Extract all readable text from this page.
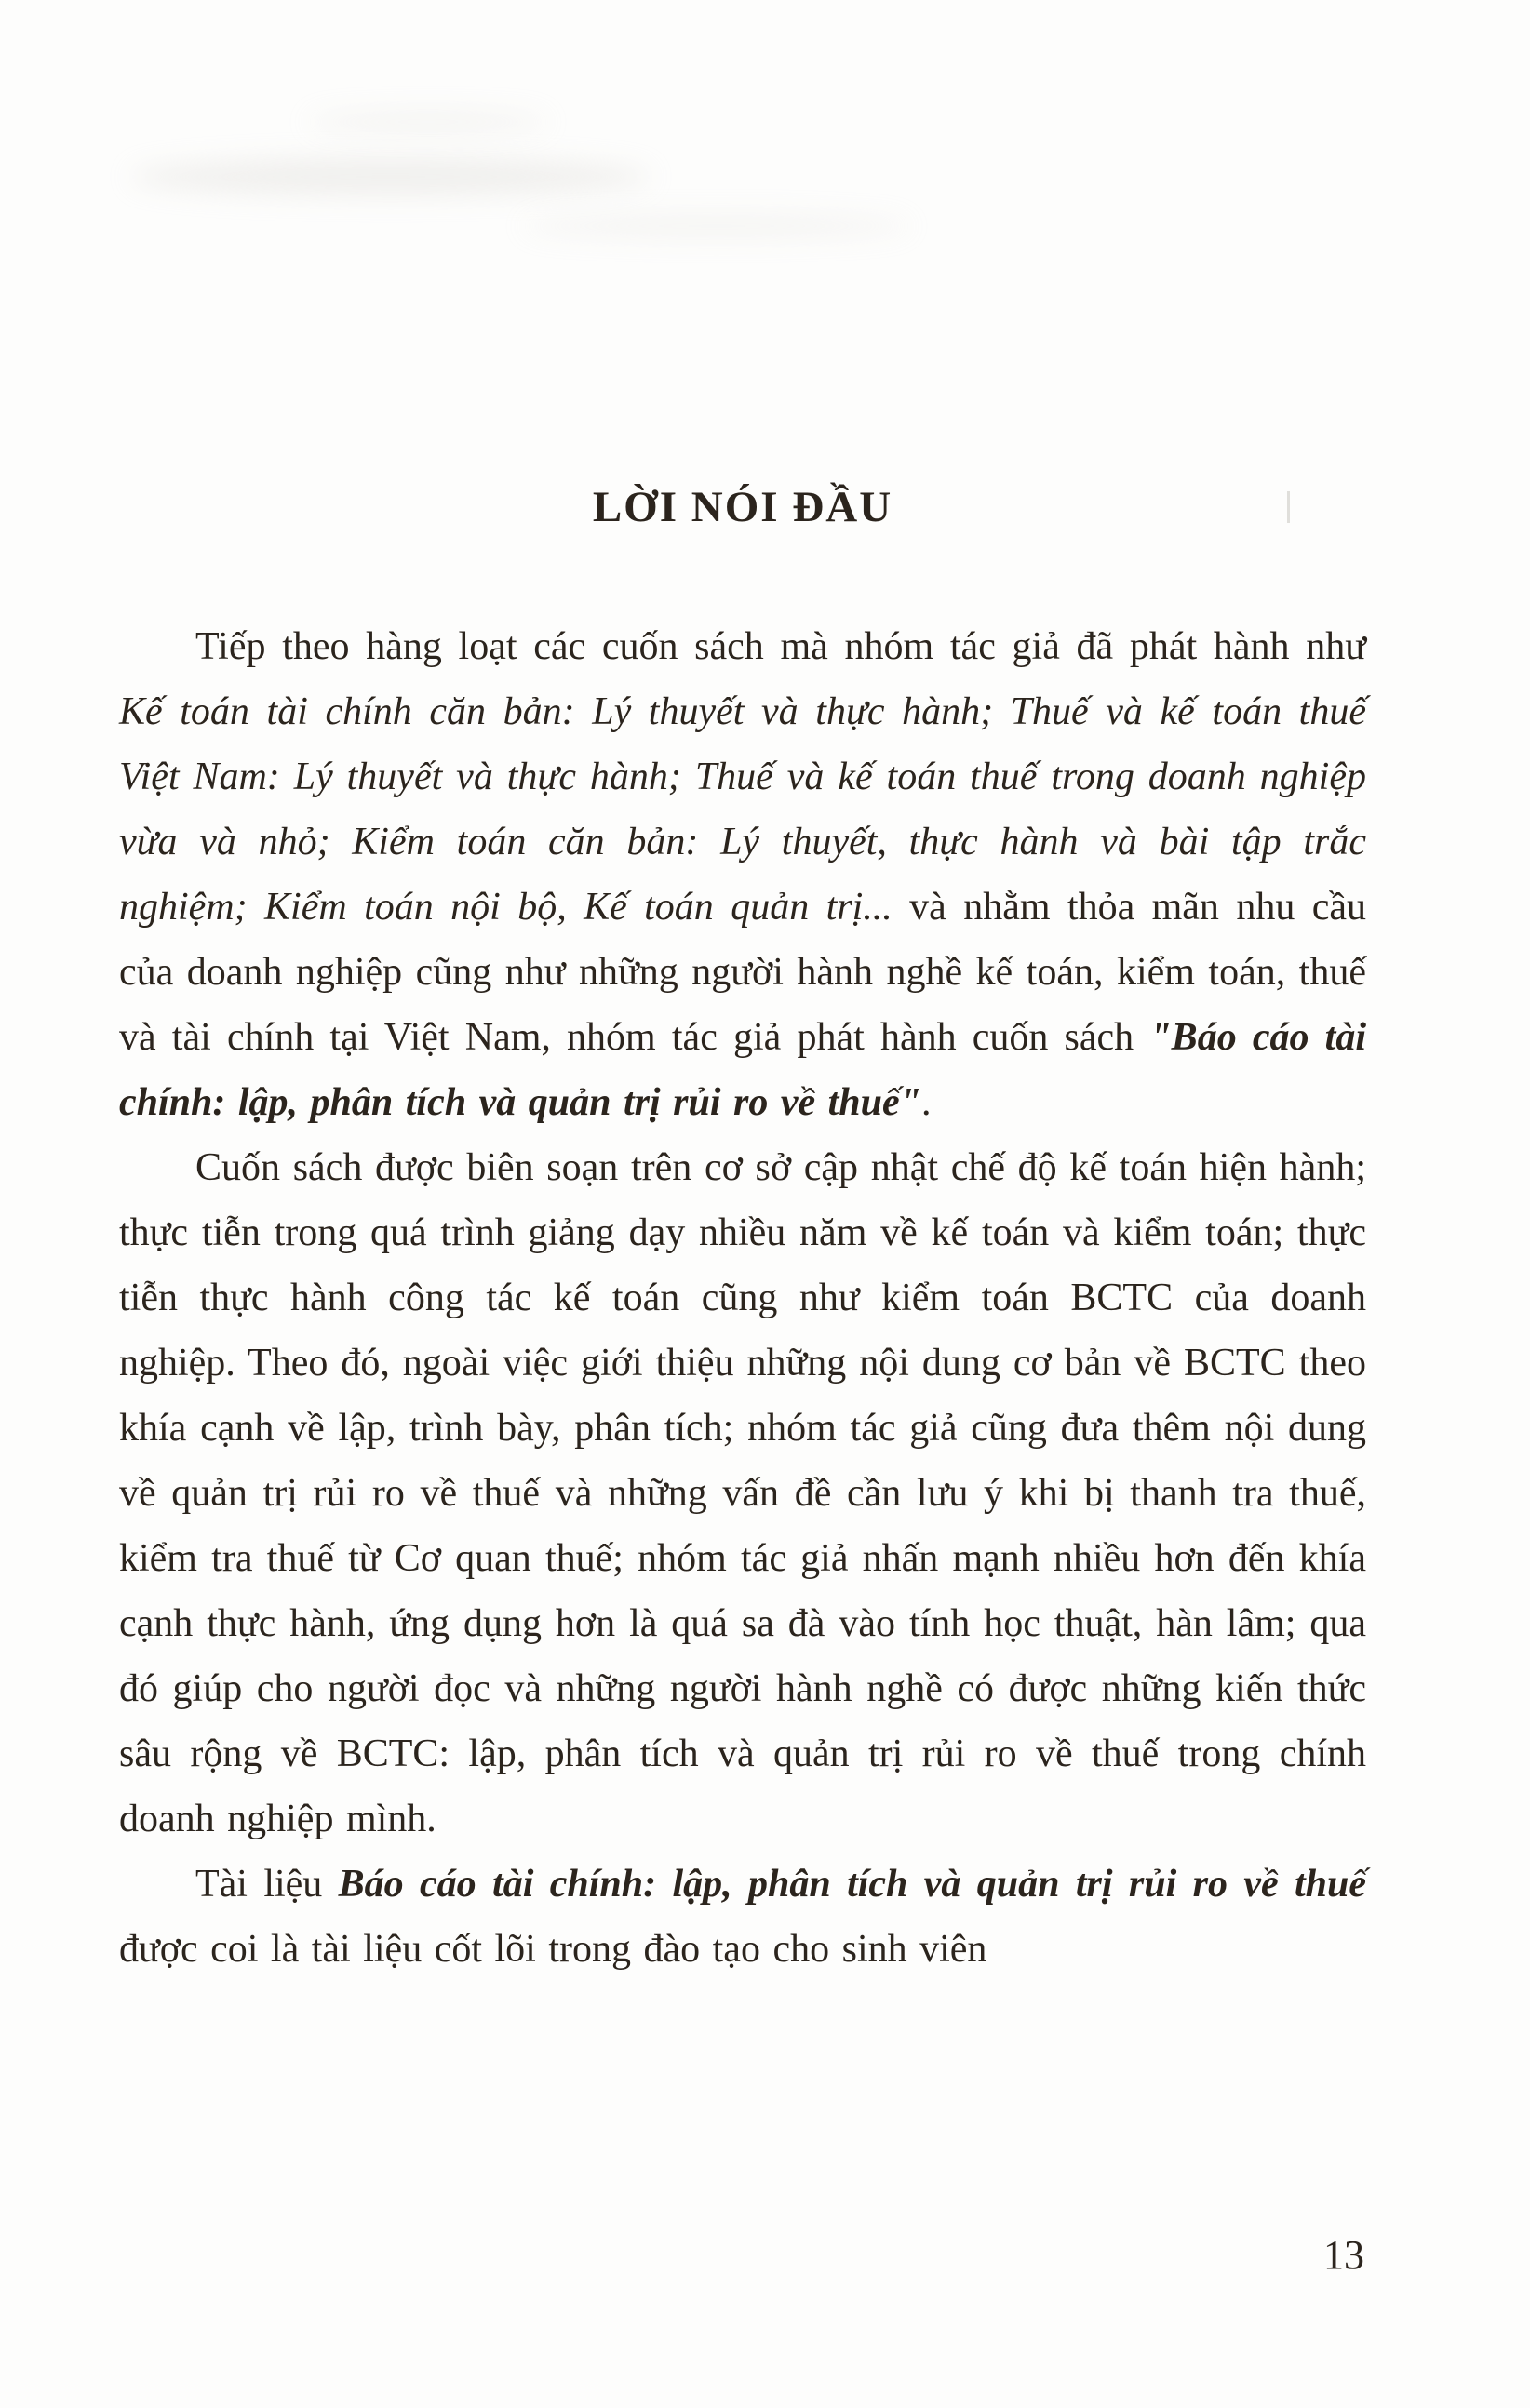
LỜI NÓI ĐẦU

Tiếp theo hàng loạt các cuốn sách mà nhóm tác giả đã phát hành như Kế toán tài chính căn bản: Lý thuyết và thực hành; Thuế và kế toán thuế Việt Nam: Lý thuyết và thực hành; Thuế và kế toán thuế trong doanh nghiệp vừa và nhỏ; Kiểm toán căn bản: Lý thuyết, thực hành và bài tập trắc nghiệm; Kiểm toán nội bộ, Kế toán quản trị... và nhằm thỏa mãn nhu cầu của doanh nghiệp cũng như những người hành nghề kế toán, kiểm toán, thuế và tài chính tại Việt Nam, nhóm tác giả phát hành cuốn sách "Báo cáo tài chính: lập, phân tích và quản trị rủi ro về thuế".

Cuốn sách được biên soạn trên cơ sở cập nhật chế độ kế toán hiện hành; thực tiễn trong quá trình giảng dạy nhiều năm về kế toán và kiểm toán; thực tiễn thực hành công tác kế toán cũng như kiểm toán BCTC của doanh nghiệp. Theo đó, ngoài việc giới thiệu những nội dung cơ bản về BCTC theo khía cạnh về lập, trình bày, phân tích; nhóm tác giả cũng đưa thêm nội dung về quản trị rủi ro về thuế và những vấn đề cần lưu ý khi bị thanh tra thuế, kiểm tra thuế từ Cơ quan thuế; nhóm tác giả nhấn mạnh nhiều hơn đến khía cạnh thực hành, ứng dụng hơn là quá sa đà vào tính học thuật, hàn lâm; qua đó giúp cho người đọc và những người hành nghề có được những kiến thức sâu rộng về BCTC: lập, phân tích và quản trị rủi ro về thuế trong chính doanh nghiệp mình.

Tài liệu Báo cáo tài chính: lập, phân tích và quản trị rủi ro về thuế được coi là tài liệu cốt lõi trong đào tạo cho sinh viên

13
